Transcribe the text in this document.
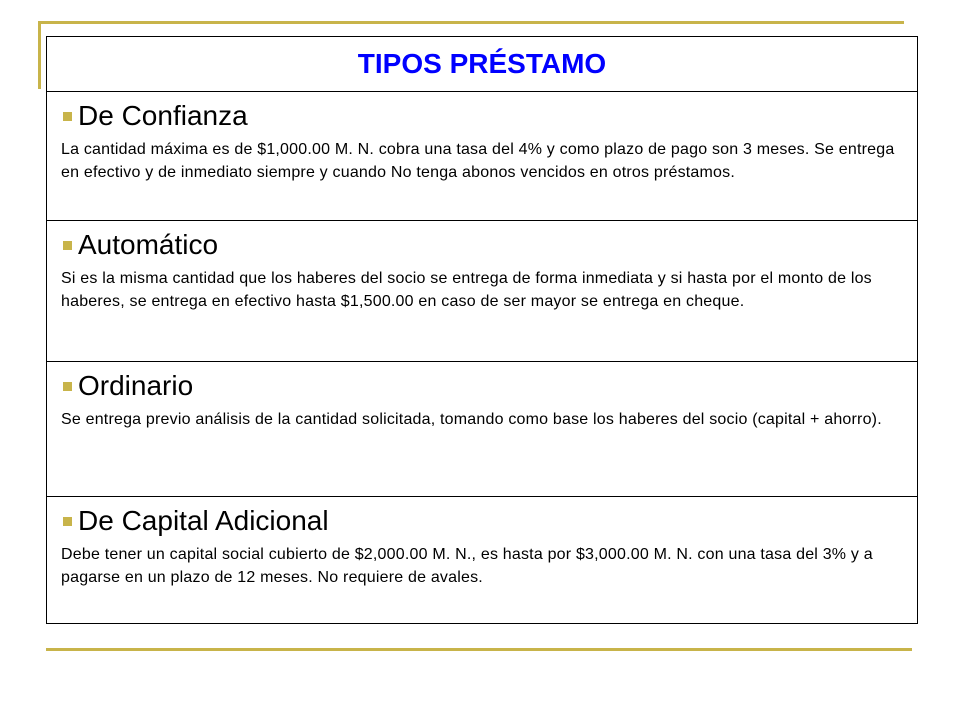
TIPOS PRÉSTAMO

De Confianza

La cantidad máxima es de $1,000.00 M. N. cobra una tasa del 4% y como plazo de pago son 3 meses. Se entrega en efectivo y de inmediato siempre y cuando No tenga abonos vencidos en otros préstamos.

Automático

Si es la misma cantidad que los haberes del socio se entrega de forma inmediata y si hasta por el monto de los haberes, se entrega en efectivo hasta $1,500.00 en caso de ser mayor se entrega en cheque.

Ordinario

Se entrega previo análisis de la cantidad solicitada, tomando como base los haberes del socio (capital + ahorro).

De Capital Adicional

Debe tener un capital social cubierto de $2,000.00 M. N., es hasta por $3,000.00 M. N. con una tasa del 3% y a pagarse en un plazo de 12 meses. No requiere de avales.
